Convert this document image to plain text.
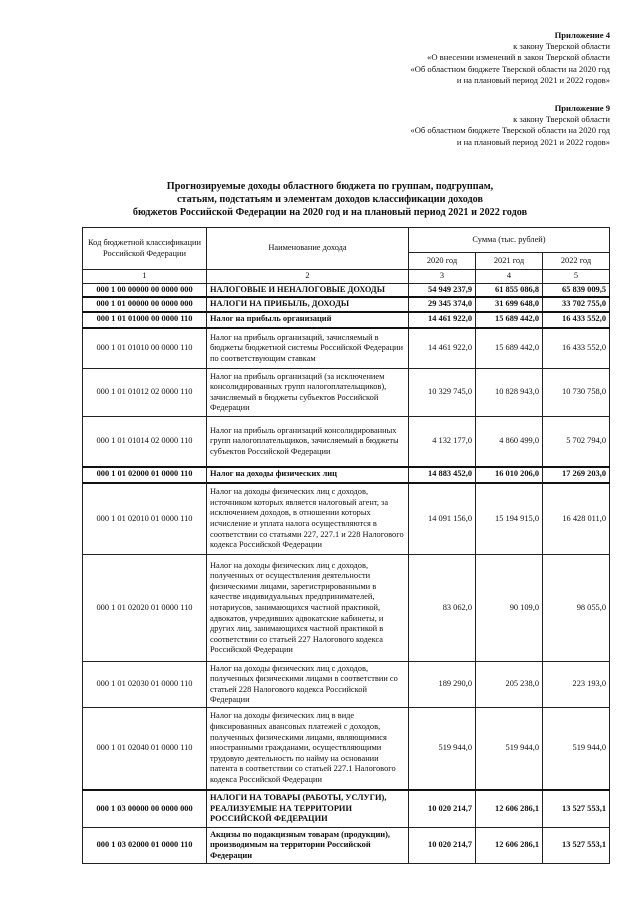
Приложение 4
к закону Тверской области
«О внесении изменений в закон Тверской области
«Об областном бюджете Тверской области на 2020 год
и на плановый период 2021 и 2022 годов»
Приложение 9
к закону Тверской области
«Об областном бюджете Тверской области на 2020 год
и на плановый период 2021 и 2022 годов»
Прогнозируемые доходы областного бюджета по группам, подгруппам,
статьям, подстатьям и элементам доходов классификации доходов
бюджетов Российской Федерации на 2020 год и на плановый период 2021 и 2022 годов
Код бюджетной классификации Российской Федерации	Наименование дохода	Сумма (тыс. рублей)		
		2020 год	2021 год	2022 год
1	2	3	4	5
000 1 00 00000 00 0000 000	НАЛОГОВЫЕ И НЕНАЛОГОВЫЕ ДОХОДЫ	54 949 237,9	61 855 086,8	65 839 009,5
000 1 01 00000 00 0000 000	НАЛОГИ НА ПРИБЫЛЬ, ДОХОДЫ	29 345 374,0	31 699 648,0	33 702 755,0
000 1 01 01000 00 0000 110	Налог на прибыль организаций	14 461 922,0	15 689 442,0	16 433 552,0
000 1 01 01010 00 0000 110	Налог на прибыль организаций, зачисляемый в бюджеты бюджетной системы Российской Федерации по соответствующим ставкам	14 461 922,0	15 689 442,0	16 433 552,0
000 1 01 01012 02 0000 110	Налог на прибыль организаций (за исключением консолидированных групп налогоплательщиков), зачисляемый в бюджеты субъектов Российской Федерации	10 329 745,0	10 828 943,0	10 730 758,0
000 1 01 01014 02 0000 110	Налог на прибыль организаций консолидированных групп налогоплательщиков, зачисляемый в бюджеты субъектов Российской Федерации	4 132 177,0	4 860 499,0	5 702 794,0
000 1 01 02000 01 0000 110	Налог на доходы физических лиц	14 883 452,0	16 010 206,0	17 269 203,0
000 1 01 02010 01 0000 110	Налог на доходы физических лиц с доходов, источником которых является налоговый агент, за исключением доходов, в отношении которых исчисление и уплата налога осуществляются в соответствии со статьями 227, 227.1 и 228 Налогового кодекса Российской Федерации	14 091 156,0	15 194 915,0	16 428 011,0
000 1 01 02020 01 0000 110	Налог на доходы физических лиц с доходов, полученных от осуществления деятельности физическими лицами, зарегистрированными в качестве индивидуальных предпринимателей, нотариусов, занимающихся частной практикой, адвокатов, учредивших адвокатские кабинеты, и других лиц, занимающихся частной практикой в соответствии со статьей 227 Налогового кодекса Российской Федерации	83 062,0	90 109,0	98 055,0
000 1 01 02030 01 0000 110	Налог на доходы физических лиц с доходов, полученных физическими лицами в соответствии со статьей 228 Налогового кодекса Российской Федерации	189 290,0	205 238,0	223 193,0
000 1 01 02040 01 0000 110	Налог на доходы физических лиц в виде фиксированных авансовых платежей с доходов, полученных физическими лицами, являющимися иностранными гражданами, осуществляющими трудовую деятельность по найму на основании патента в соответствии со статьей 227.1 Налогового кодекса Российской Федерации	519 944,0	519 944,0	519 944,0
000 1 03 00000 00 0000 000	НАЛОГИ НА ТОВАРЫ (РАБОТЫ, УСЛУГИ), РЕАЛИЗУЕМЫЕ НА ТЕРРИТОРИИ РОССИЙСКОЙ ФЕДЕРАЦИИ	10 020 214,7	12 606 286,1	13 527 553,1
000 1 03 02000 01 0000 110	Акцизы по подакцизным товарам (продукции), производимым на территории Российской Федерации	10 020 214,7	12 606 286,1	13 527 553,1
